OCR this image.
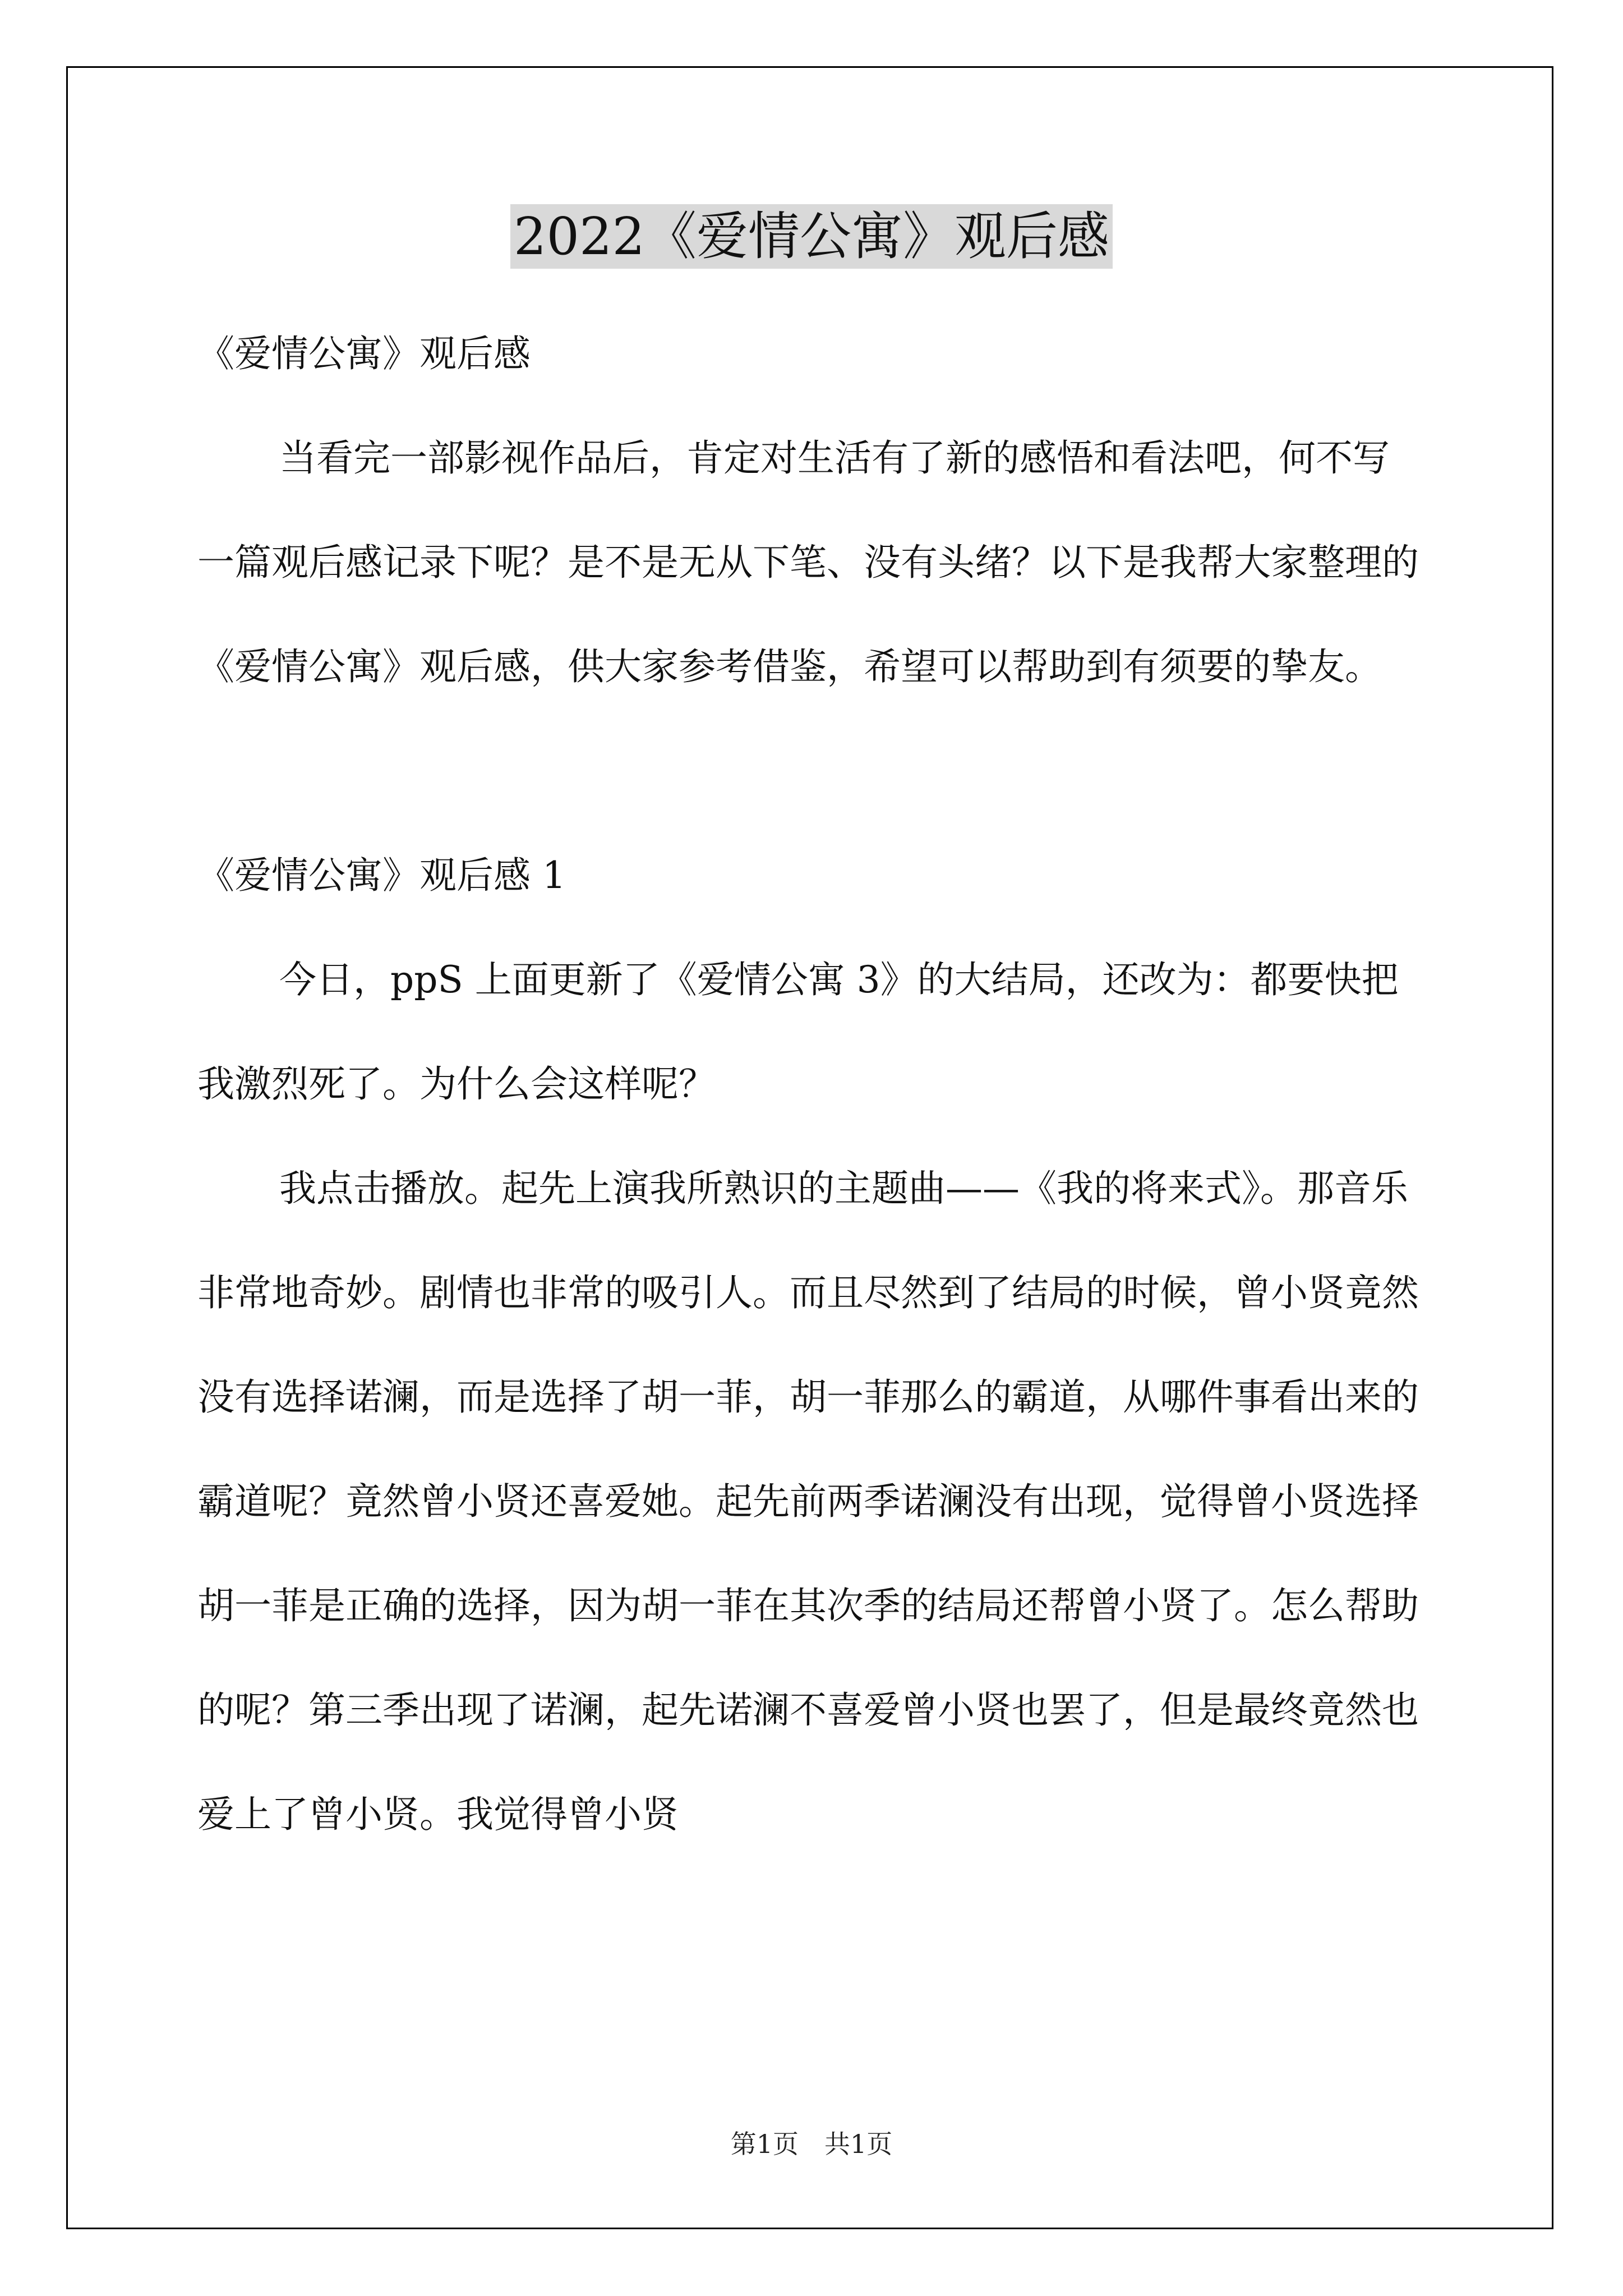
2022《爱情公寓》观后感

《爱情公寓》观后感

当看完一部影视作品后，肯定对生活有了新的感悟和看法吧，何不写一篇观后感记录下呢？是不是无从下笔、没有头绪？以下是我帮大家整理的《爱情公寓》观后感，供大家参考借鉴，希望可以帮助到有须要的挚友。

《爱情公寓》观后感 1

今日，ppS 上面更新了《爱情公寓 3》的大结局，还改为：都要快把我激烈死了。为什么会这样呢？

我点击播放。起先上演我所熟识的主题曲——《我的将来式》。那音乐非常地奇妙。剧情也非常的吸引人。而且尽然到了结局的时候，曾小贤竟然没有选择诺澜，而是选择了胡一菲，胡一菲那么的霸道，从哪件事看出来的霸道呢？竟然曾小贤还喜爱她。起先前两季诺澜没有出现，觉得曾小贤选择胡一菲是正确的选择，因为胡一菲在其次季的结局还帮曾小贤了。怎么帮助的呢？第三季出现了诺澜，起先诺澜不喜爱曾小贤也罢了，但是最终竟然也爱上了曾小贤。我觉得曾小贤

第1页 共1页
